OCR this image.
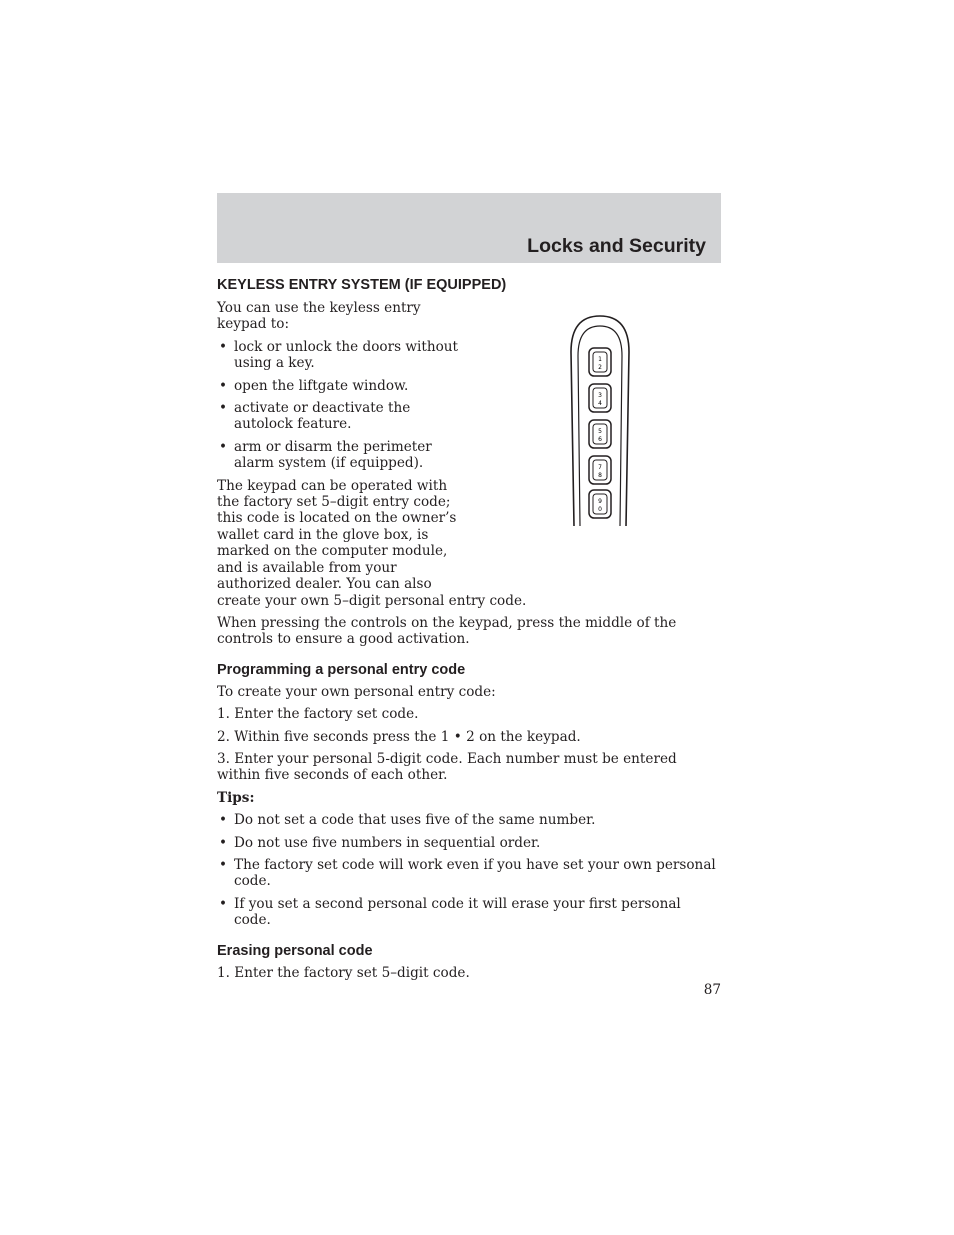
Locks and Security
1
2
3
4
5
6
7
8
9
0
KEYLESS ENTRY SYSTEM (IF EQUIPPED)

You can use the keyless entry keypad to:

• lock or unlock the doors without using a key.
• open the liftgate window.
• activate or deactivate the autolock feature.
• arm or disarm the perimeter alarm system (if equipped).

The keypad can be operated with the factory set 5–digit entry code; this code is located on the owner’s wallet card in the glove box, is marked on the computer module, and is available from your authorized dealer. You can also create your own 5–digit personal entry code.

When pressing the controls on the keypad, press the middle of the controls to ensure a good activation.

Programming a personal entry code

To create your own personal entry code:

1. Enter the factory set code.

2. Within five seconds press the 1 • 2 on the keypad.

3. Enter your personal 5-digit code. Each number must be entered within five seconds of each other.

Tips:

• Do not set a code that uses five of the same number.
• Do not use five numbers in sequential order.
• The factory set code will work even if you have set your own personal code.
• If you set a second personal code it will erase your first personal code.
Erasing personal code

1. Enter the factory set 5–digit code.

87
